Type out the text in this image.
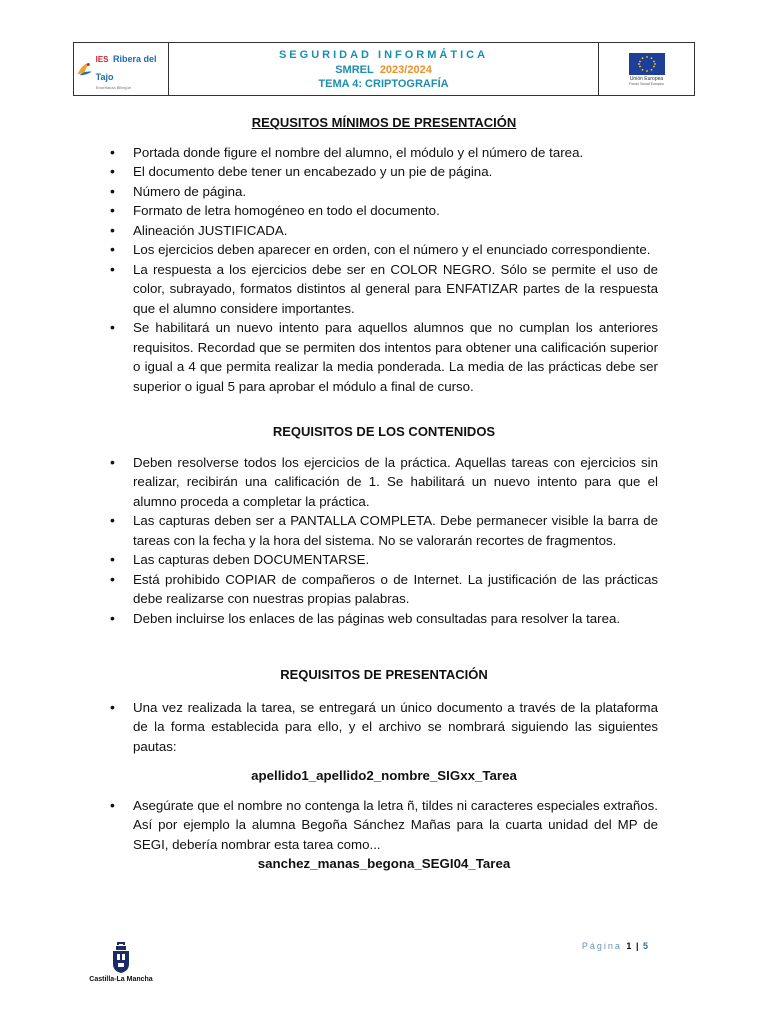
IES Ribera del Tajo
Enseñanza Bilingüe
SEGURIDAD INFORMÁTICA
SMREL 2023/2024
TEMA 4: CRIPTOGRAFÍA	Unión Europea
Fondo Social Europeo

REQUSITOS MÍNIMOS DE PRESENTACIÓN

• Portada donde figure el nombre del alumno, el módulo y el número de tarea.
• El documento debe tener un encabezado y un pie de página.
• Número de página.
• Formato de letra homogéneo en todo el documento.
• Alineación JUSTIFICADA.
• Los ejercicios deben aparecer en orden, con el número y el enunciado correspondiente.
• La respuesta a los ejercicios debe ser en COLOR NEGRO. Sólo se permite el uso de color, subrayado, formatos distintos al general para ENFATIZAR partes de la respuesta que el alumno considere importantes.
• Se habilitará un nuevo intento para aquellos alumnos que no cumplan los anteriores requisitos. Recordad que se permiten dos intentos para obtener una calificación superior o igual a 4 que permita realizar la media ponderada. La media de las prácticas debe ser superior o igual 5 para aprobar el módulo a final de curso.

REQUISITOS DE LOS CONTENIDOS

• Deben resolverse todos los ejercicios de la práctica. Aquellas tareas con ejercicios sin realizar, recibirán una calificación de 1. Se habilitará un nuevo intento para que el alumno proceda a completar la práctica.
• Las capturas deben ser a PANTALLA COMPLETA. Debe permanecer visible la barra de tareas con la fecha y la hora del sistema. No se valorarán recortes de fragmentos.
• Las capturas deben DOCUMENTARSE.
• Está prohibido COPIAR de compañeros o de Internet. La justificación de las prácticas debe realizarse con nuestras propias palabras.
• Deben incluirse los enlaces de las páginas web consultadas para resolver la tarea.

REQUISITOS DE PRESENTACIÓN

• Una vez realizada la tarea, se entregará un único documento a través de la plataforma de la forma establecida para ello, y el archivo se nombrará siguiendo las siguientes pautas:

apellido1_apellido2_nombre_SIGxx_Tarea

• Asegúrate que el nombre no contenga la letra ñ, tildes ni caracteres especiales extraños. Así por ejemplo la alumna Begoña Sánchez Mañas para la cuarta unidad del MP de SEGI, debería nombrar esta tarea como...

sanchez_manas_begona_SEGI04_Tarea

Castilla-La Mancha
Página 1 | 5
